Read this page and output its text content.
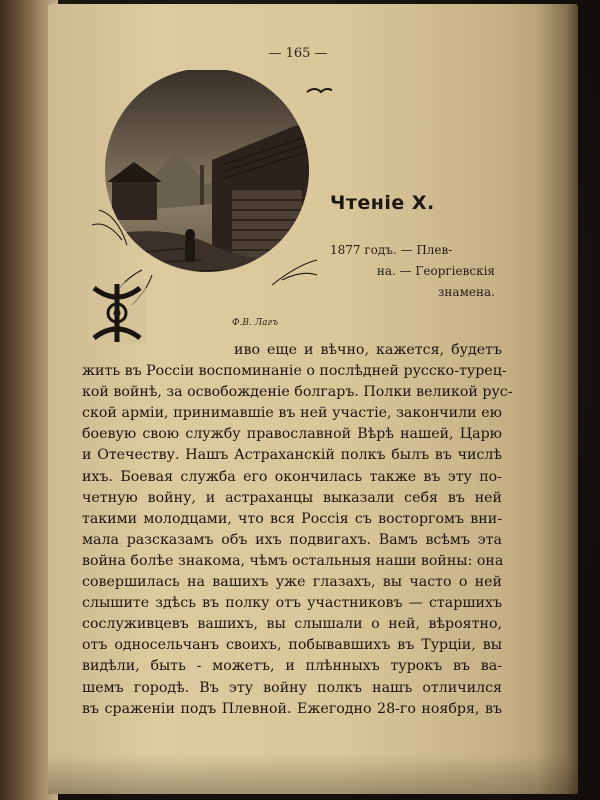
— 165 —
Ф.В. Лагъ
Чтеніе X.
1877 годъ. — Плев-
на. — Георгіевскія знамена.

иво еще и вѣчно, кажется, будетъ

жить въ Россіи воспоминаніе о послѣдней русско-турец-

кой войнѣ, за освобожденіе болгаръ. Полки великой рус-

ской арміи, принимавшіе въ ней участіе, закончили ею

боевую свою службу православной Вѣрѣ нашей, Царю

и Отечеству. Нашъ Астраханскій полкъ былъ въ числѣ

ихъ. Боевая служба его окончилась также въ эту по-

четную войну, и астраханцы выказали себя въ ней

такими молодцами, что вся Россія съ восторгомъ вни-

мала разсказамъ объ ихъ подвигахъ. Вамъ всѣмъ эта

война болѣе знакома, чѣмъ остальныя наши войны: она

совершилась на вашихъ уже глазахъ, вы часто о ней

слышите здѣсь въ полку отъ участниковъ — старшихъ

сослуживцевъ вашихъ, вы слышали о ней, вѣроятно,

отъ односельчанъ своихъ, побывавшихъ въ Турціи, вы

видѣли, быть - можетъ, и плѣнныхъ турокъ въ ва-

шемъ городѣ. Въ эту войну полкъ нашъ отличился

въ сраженіи подъ Плевной. Ежегодно 28-го ноября, въ
